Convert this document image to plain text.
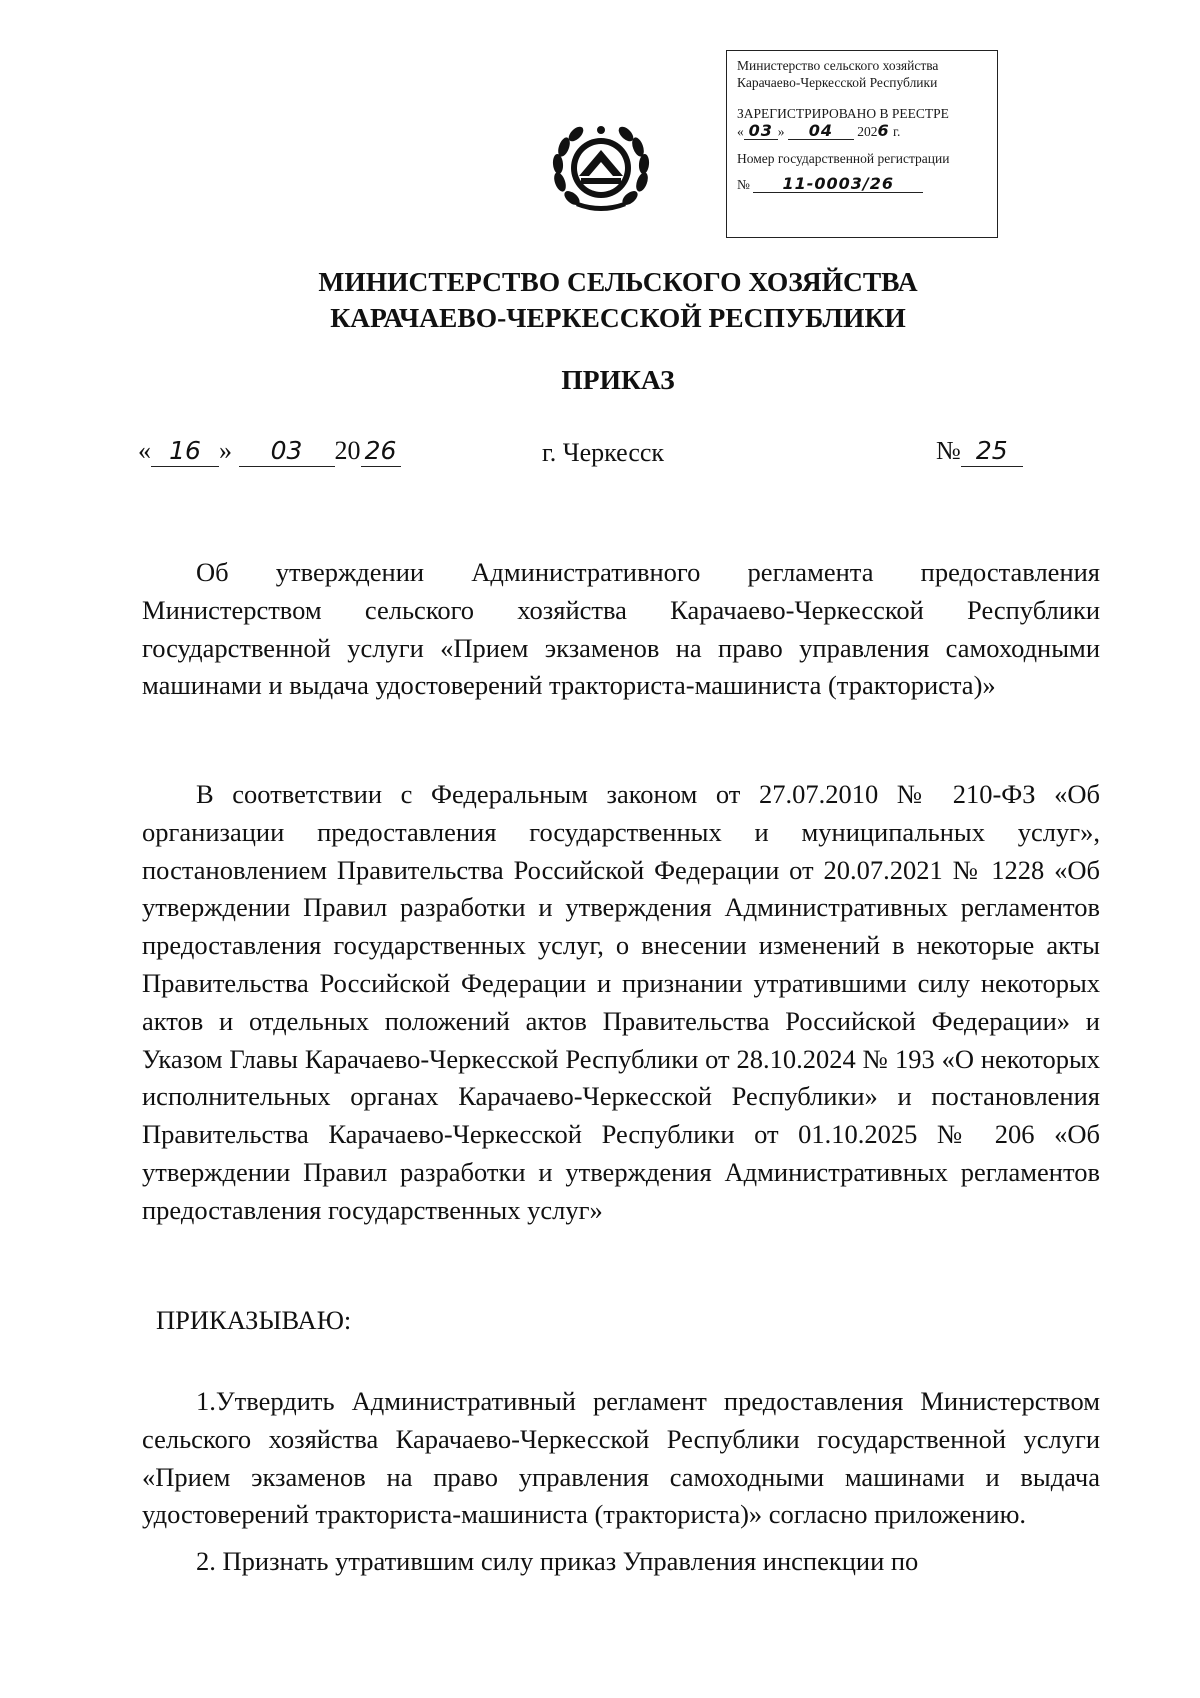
Министерство сельского хозяйства
Карачаево-Черкесской Республики
ЗАРЕГИСТРИРОВАНО В РЕЕСТРЕ
« 03 » 04 2026 г.
Номер государственной регистрации
№ 11-0003/26
МИНИСТЕРСТВО СЕЛЬСКОГО ХОЗЯЙСТВА
КАРАЧАЕВО-ЧЕРКЕССКОЙ РЕСПУБЛИКИ
ПРИКАЗ
« 16 » 03 20 26	г. Черкесск	№ 25
Об утверждении Административного регламента предоставления Министерством сельского хозяйства Карачаево-Черкесской Республики государственной услуги «Прием экзаменов на право управления самоходными машинами и выдача удостоверений тракториста-машиниста (тракториста)»
В соответствии с Федеральным законом от 27.07.2010 № 210-ФЗ «Об организации предоставления государственных и муниципальных услуг», постановлением Правительства Российской Федерации от 20.07.2021 № 1228 «Об утверждении Правил разработки и утверждения Административных регламентов предоставления государственных услуг, о внесении изменений в некоторые акты Правительства Российской Федерации и признании утратившими силу некоторых актов и отдельных положений актов Правительства Российской Федерации» и Указом Главы Карачаево-Черкесской Республики от 28.10.2024 № 193 «О некоторых исполнительных органах Карачаево-Черкесской Республики» и постановления Правительства Карачаево-Черкесской Республики от 01.10.2025 № 206 «Об утверждении Правил разработки и утверждения Административных регламентов предоставления государственных услуг»
ПРИКАЗЫВАЮ:
1.Утвердить Административный регламент предоставления Министерством сельского хозяйства Карачаево-Черкесской Республики государственной услуги «Прием экзаменов на право управления самоходными машинами и выдача удостоверений тракториста-машиниста (тракториста)» согласно приложению.
2. Признать утратившим силу приказ Управления инспекции по
